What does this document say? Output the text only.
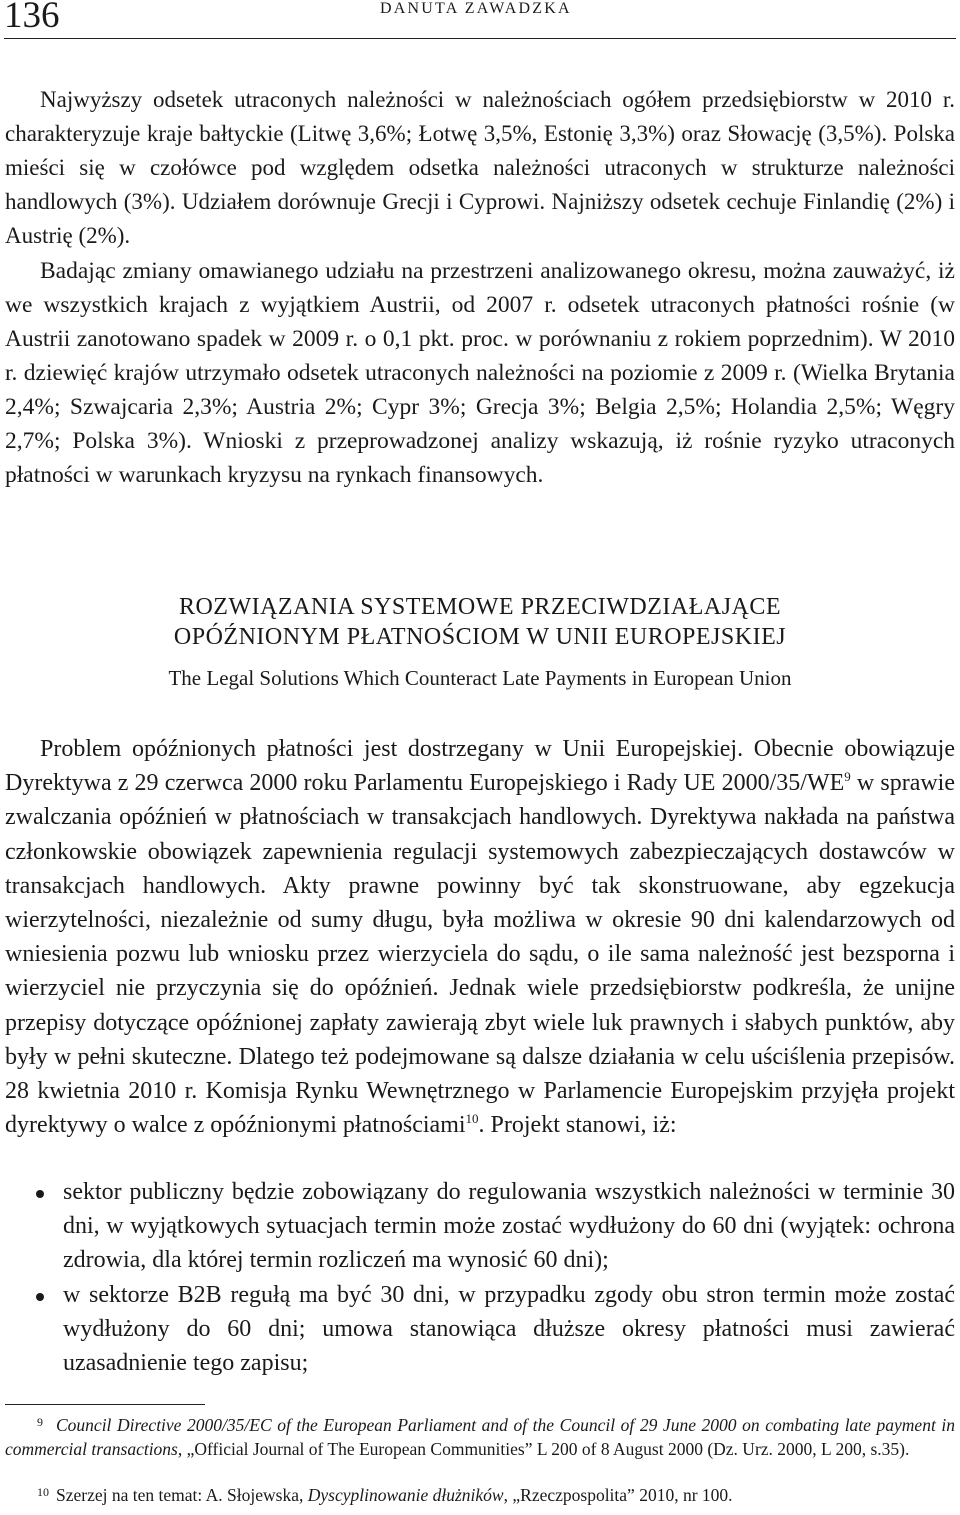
136	DANUTA ZAWADZKA

Najwyższy odsetek utraconych należności w należnościach ogółem przedsiębiorstw w 2010 r. charakteryzuje kraje bałtyckie (Litwę 3,6%; Łotwę 3,5%, Estonię 3,3%) oraz Słowację (3,5%). Polska mieści się w czołówce pod względem odsetka należności utraconych w strukturze należności handlowych (3%). Udziałem dorównuje Grecji i Cyprowi. Najniższy odsetek cechuje Finlandię (2%) i Austrię (2%).

Badając zmiany omawianego udziału na przestrzeni analizowanego okresu, można zauważyć, iż we wszystkich krajach z wyjątkiem Austrii, od 2007 r. odsetek utraconych płatności rośnie (w Austrii zanotowano spadek w 2009 r. o 0,1 pkt. proc. w porównaniu z rokiem poprzednim). W 2010 r. dziewięć krajów utrzymało odsetek utraconych należności na poziomie z 2009 r. (Wielka Brytania 2,4%; Szwajcaria 2,3%; Austria 2%; Cypr 3%; Grecja 3%; Belgia 2,5%; Holandia 2,5%; Węgry 2,7%; Polska 3%). Wnioski z przeprowadzonej analizy wskazują, iż rośnie ryzyko utraconych płatności w warunkach kryzysu na rynkach finansowych.

ROZWIĄZANIA SYSTEMOWE PRZECIWDZIAŁAJĄCE
OPÓŹNIONYM PŁATNOŚCIOM W UNII EUROPEJSKIEJ
The Legal Solutions Which Counteract Late Payments in European Union

Problem opóźnionych płatności jest dostrzegany w Unii Europejskiej. Obecnie obowiązuje Dyrektywa z 29 czerwca 2000 roku Parlamentu Europejskiego i Rady UE $2000/35/WE^9$ w sprawie zwalczania opóźnień w płatnościach w transakcjach handlowych. Dyrektywa nakłada na państwa członkowskie obowiązek zapewnienia regulacji systemowych zabezpieczających dostawców w transakcjach handlowych. Akty prawne powinny być tak skonstruowane, aby egzekucja wierzytelności, niezależnie od sumy długu, była możliwa w okresie 90 dni kalendarzowych od wniesienia pozwu lub wniosku przez wierzyciela do sądu, o ile sama należność jest bezsporna i wierzyciel nie przyczynia się do opóźnień. Jednak wiele przedsiębiorstw podkreśla, że unijne przepisy dotyczące opóźnionej zapłaty zawierają zbyt wiele luk prawnych i słabych punktów, aby były w pełni skuteczne. Dlatego też podejmowane są dalsze działania w celu uściślenia przepisów. 28 kwietnia 2010 r. Komisja Rynku Wewnętrznego w Parlamencie Europejskim przyjęła projekt dyrektywy o walce z opóźnionymi płatnościami$^{10}$. Projekt stanowi, iż:

sektor publiczny będzie zobowiązany do regulowania wszystkich należności w terminie 30 dni, w wyjątkowych sytuacjach termin może zostać wydłużony do 60 dni (wyjątek: ochrona zdrowia, dla której termin rozliczeń ma wynosić 60 dni);
w sektorze B2B regułą ma być 30 dni, w przypadku zgody obu stron termin może zostać wydłużony do 60 dni; umowa stanowiąca dłuższe okresy płatności musi zawierać uzasadnienie tego zapisu;

9 Council Directive 2000/35/EC of the European Parliament and of the Council of 29 June 2000 on combating late payment in commercial transactions, „Official Journal of The European Communities” L 200 of 8 August 2000 (Dz. Urz. 2000, L 200, s.35).

10 Szerzej na ten temat: A. Słojewska, Dyscyplinowanie dłużników, „Rzeczpospolita” 2010, nr 100.
